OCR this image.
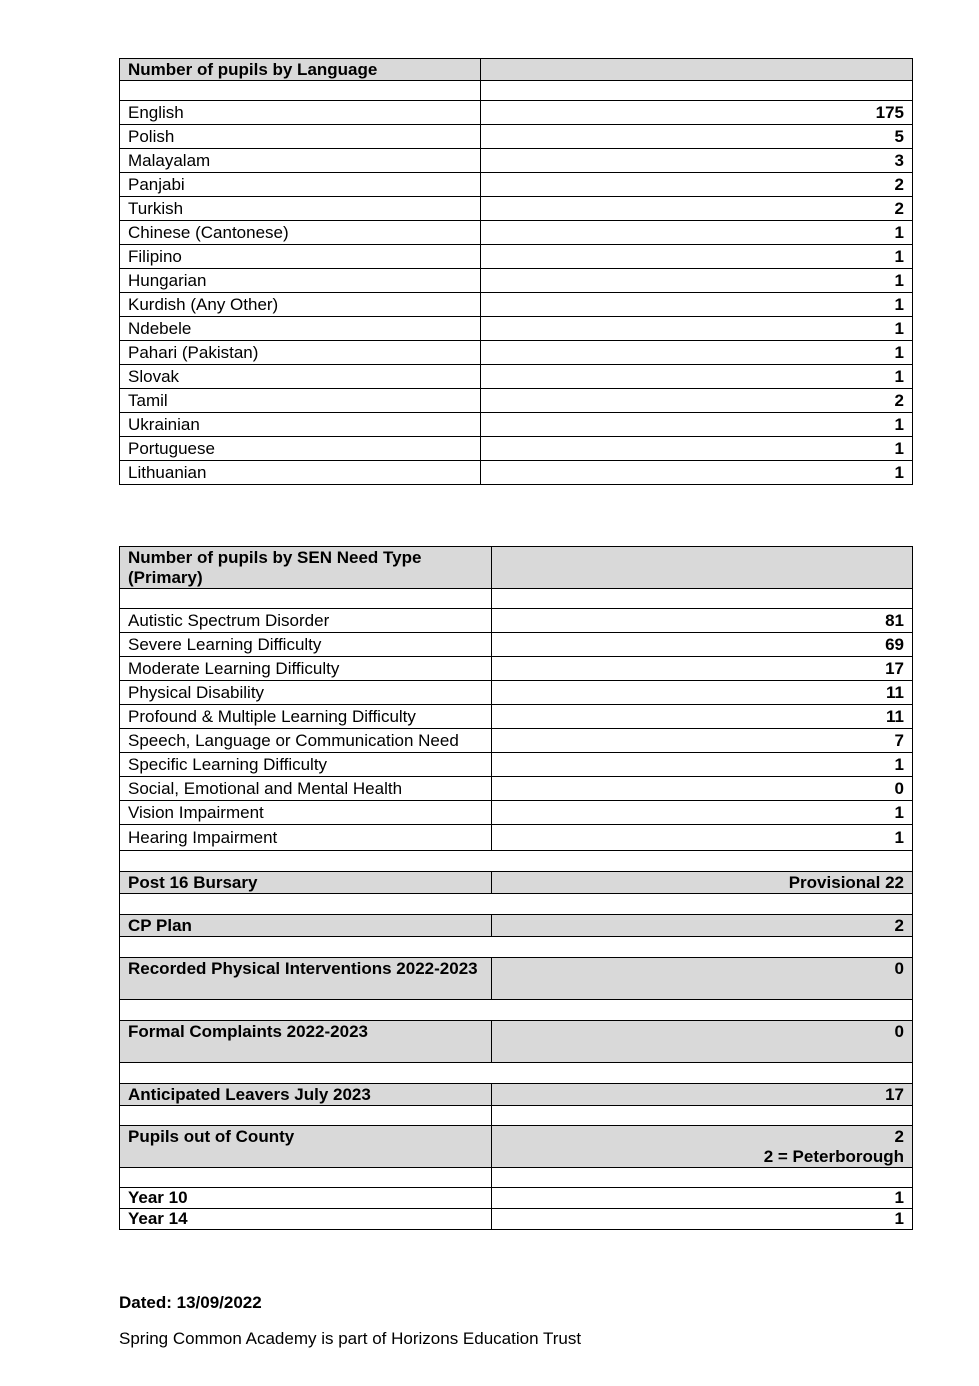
Number of pupils by Language	

English	175
Polish	5
Malayalam	3
Panjabi	2
Turkish	2
Chinese (Cantonese)	1
Filipino	1
Hungarian	1
Kurdish (Any Other)	1
Ndebele	1
Pahari (Pakistan)	1
Slovak	1
Tamil	2
Ukrainian	1
Portuguese	1
Lithuanian	1
Number of pupils by SEN Need Type (Primary)	

Autistic Spectrum Disorder	81
Severe Learning Difficulty	69
Moderate Learning Difficulty	17
Physical Disability	11
Profound & Multiple Learning Difficulty	11
Speech, Language or Communication Need	7
Specific Learning Difficulty	1
Social, Emotional and Mental Health	0
Vision Impairment	1
Hearing Impairment	1

Post 16 Bursary	Provisional 22

CP Plan	2

Recorded Physical Interventions 2022-2023	0

Formal Complaints 2022-2023	0

Anticipated Leavers July 2023	17

Pupils out of County	2
2 = Peterborough

Year 10	1
Year 14	1
Dated: 13/09/2022
Spring Common Academy is part of Horizons Education Trust
